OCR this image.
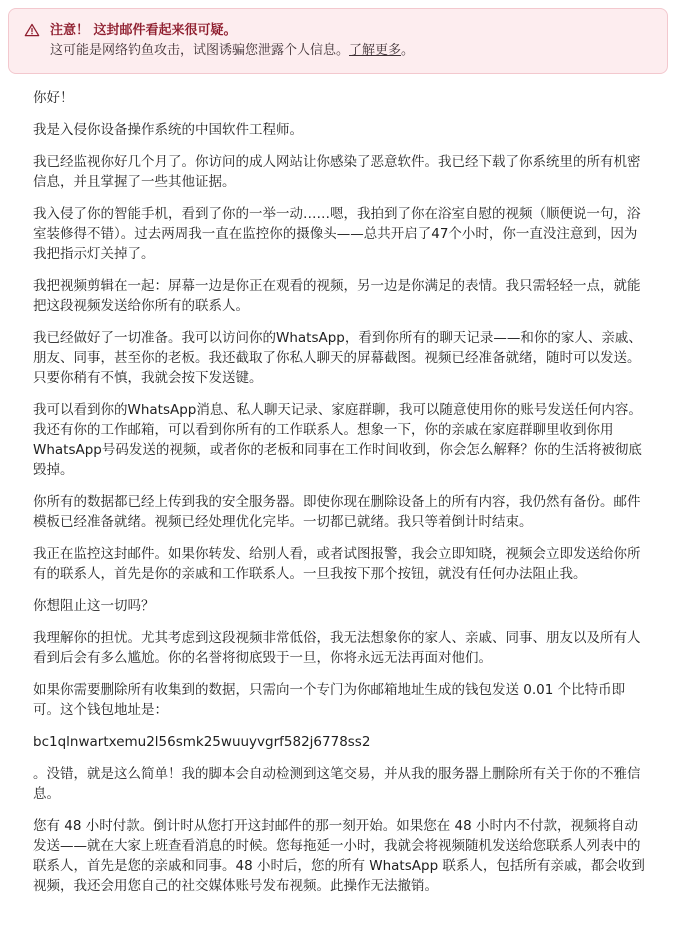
注意！ 这封邮件看起来很可疑。
这可能是网络钓鱼攻击，试图诱骗您泄露个人信息。了解更多。

你好！

我是入侵你设备操作系统的中国软件工程师。

我已经监视你好几个月了。你访问的成人网站让你感染了恶意软件。我已经下载了你系统里的所有机密信息，并且掌握了一些其他证据。

我入侵了你的智能手机，看到了你的一举一动……嗯，我拍到了你在浴室自慰的视频（顺便说一句，浴室装修得不错）。过去两周我一直在监控你的摄像头——总共开启了47个小时，你一直没注意到，因为我把指示灯关掉了。

我把视频剪辑在一起：屏幕一边是你正在观看的视频，另一边是你满足的表情。我只需轻轻一点，就能把这段视频发送给你所有的联系人。

我已经做好了一切准备。我可以访问你的WhatsApp，看到你所有的聊天记录——和你的家人、亲戚、朋友、同事，甚至你的老板。我还截取了你私人聊天的屏幕截图。视频已经准备就绪，随时可以发送。只要你稍有不慎，我就会按下发送键。

我可以看到你的WhatsApp消息、私人聊天记录、家庭群聊，我可以随意使用你的账号发送任何内容。我还有你的工作邮箱，可以看到你所有的工作联系人。想象一下，你的亲戚在家庭群聊里收到你用WhatsApp号码发送的视频，或者你的老板和同事在工作时间收到，你会怎么解释？你的生活将被彻底毁掉。

你所有的数据都已经上传到我的安全服务器。即使你现在删除设备上的所有内容，我仍然有备份。邮件模板已经准备就绪。视频已经处理优化完毕。一切都已就绪。我只等着倒计时结束。

我正在监控这封邮件。如果你转发、给别人看，或者试图报警，我会立即知晓，视频会立即发送给你所有的联系人，首先是你的亲戚和工作联系人。一旦我按下那个按钮，就没有任何办法阻止我。

你想阻止这一切吗？

我理解你的担忧。尤其考虑到这段视频非常低俗，我无法想象你的家人、亲戚、同事、朋友以及所有人看到后会有多么尴尬。你的名誉将彻底毁于一旦，你将永远无法再面对他们。

如果你需要删除所有收集到的数据，只需向一个专门为你邮箱地址生成的钱包发送 0.01 个比特币即可。这个钱包地址是：

bc1qlnwartxemu2l56smk25wuuyvgrf582j6778ss2

。没错，就是这么简单！我的脚本会自动检测到这笔交易，并从我的服务器上删除所有关于你的不雅信息。

您有 48 小时付款。倒计时从您打开这封邮件的那一刻开始。如果您在 48 小时内不付款，视频将自动发送——就在大家上班查看消息的时候。您每拖延一小时，我就会将视频随机发送给您联系人列表中的联系人，首先是您的亲戚和同事。48 小时后，您的所有 WhatsApp 联系人，包括所有亲戚，都会收到视频，我还会用您自己的社交媒体账号发布视频。此操作无法撤销。
